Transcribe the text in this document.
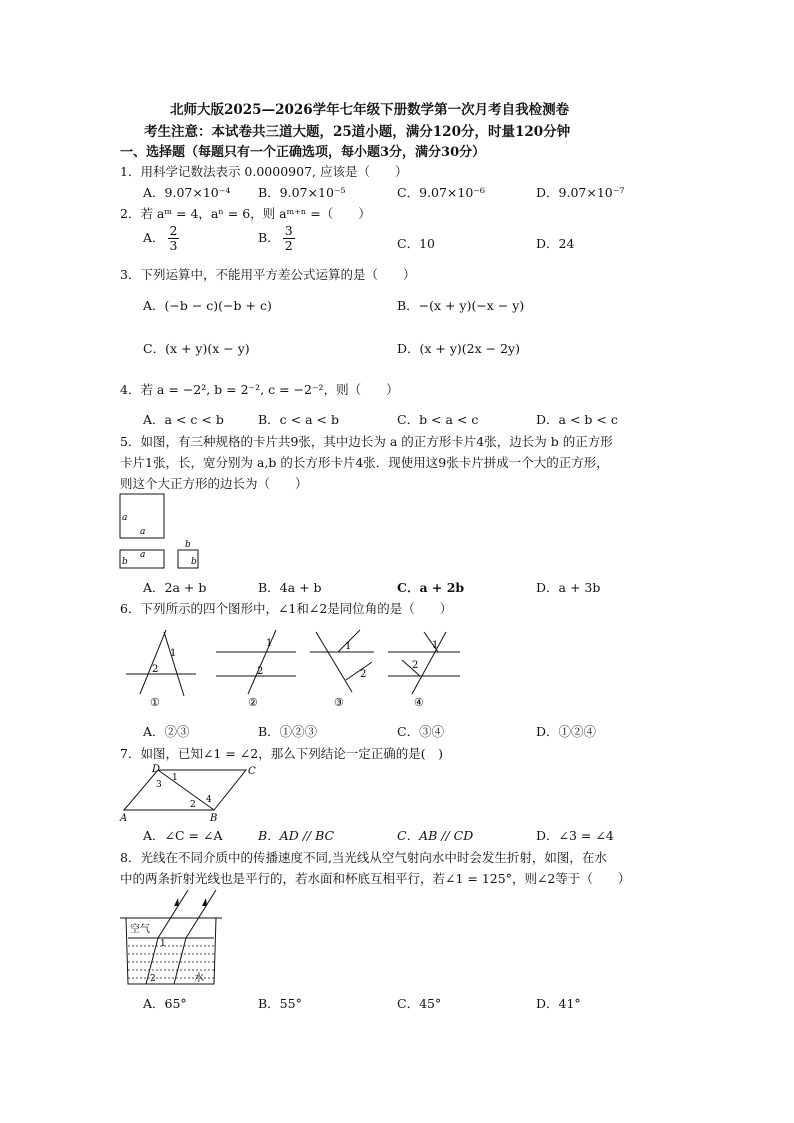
北师大版2025—2026学年七年级下册数学第一次月考自我检测卷
考生注意：本试卷共三道大题，25道小题，满分120分，时量120分钟
一、选择题（每题只有一个正确选项，每小题3分，满分30分）
1．用科学记数法表示 0.0000907, 应该是（　　）
A．9.07×10⁻⁴ B．9.07×10⁻⁵	C．9.07×10⁻⁶	D．9.07×10⁻⁷
2．若 aᵐ = 4，aⁿ = 6，则 aᵐ⁺ⁿ =（　　）
A． $\frac{2}{3}$	B． $\frac{3}{2}$	C．10	D．24
3．下列运算中，不能用平方差公式运算的是（　　）
A．(−b − c)(−b + c)	B．−(x + y)(−x − y)
C．(x + y)(x − y)	D．(x + y)(2x − 2y)
4．若 a = −2², b = 2⁻², c = −2⁻²，则（　　）
A．a < c < b	B．c < a < b	C．b < a < c	D．a < b < c
5．如图，有三种规格的卡片共9张，其中边长为 a 的正方形卡片4张，边长为 b 的正方形
卡片1张，长，宽分别为 a,b 的长方形卡片4张．现使用这9张卡片拼成一个大的正方形，
则这个大正方形的边长为（　　）
a
a
b
a
b
b
A．2a + b	B．4a + b	C．a + 2b	D．a + 3b
6．下列所示的四个图形中，∠1和∠2是同位角的是（　　）
1
2
①
1
2
②
1
2
③
1
2
④
A．②③	B．①②③	C．③④	D．①②④
7．如图，已知∠1 = ∠2，那么下列结论一定正确的是(　)
D	C
A	B
1
2
3
4
A．∠C = ∠A	B．AD // BC	C．AB // CD	D．∠3 = ∠4
8．光线在不同介质中的传播速度不同,当光线从空气射向水中时会发生折射，如图，在水
中的两条折射光线也是平行的，若水面和杯底互相平行，若∠1 = 125°，则∠2等于（　　）
空气
1
2	水
A．65°	B．55°	C．45°	D．41°
